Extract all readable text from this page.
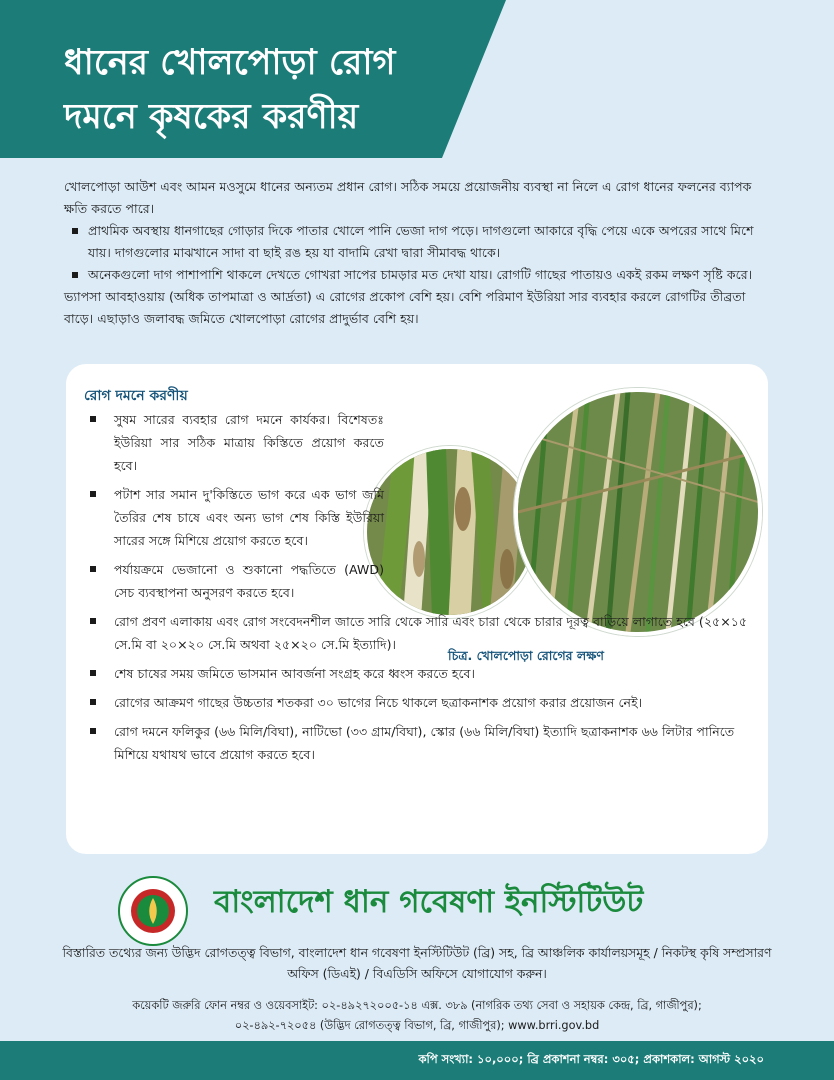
ধানের খোলপোড়া রোগ
দমনে কৃষকের করণীয়

খোলপোড়া আউশ এবং আমন মওসুমে ধানের অন্যতম প্রধান রোগ। সঠিক সময়ে প্রয়োজনীয় ব্যবস্থা না নিলে এ রোগ ধানের ফলনের ব্যাপক ক্ষতি করতে পারে।

প্রাথমিক অবস্থায় ধানগাছের গোড়ার দিকে পাতার খোলে পানি ভেজা দাগ পড়ে। দাগগুলো আকারে বৃদ্ধি পেয়ে একে অপরের সাথে মিশে যায়। দাগগুলোর মাঝখানে সাদা বা ছাই রঙ হয় যা বাদামি রেখা দ্বারা সীমাবদ্ধ থাকে।
অনেকগুলো দাগ পাশাপাশি থাকলে দেখতে গোখরা সাপের চামড়ার মত দেখা যায়। রোগটি গাছের পাতায়ও একই রকম লক্ষণ সৃষ্টি করে।

ভ্যাপসা আবহাওয়ায় (অধিক তাপমাত্রা ও আর্দ্রতা) এ রোগের প্রকোপ বেশি হয়। বেশি পরিমাণ ইউরিয়া সার ব্যবহার করলে রোগটির তীব্রতা বাড়ে। এছাড়াও জলাবদ্ধ জমিতে খোলপোড়া রোগের প্রাদুর্ভাব বেশি হয়।

রোগ দমনে করণীয়
সুষম সারের ব্যবহার রোগ দমনে কার্যকর। বিশেষতঃ ইউরিয়া সার সঠিক মাত্রায় কিস্তিতে প্রয়োগ করতে হবে।
পটাশ সার সমান দু'কিস্তিতে ভাগ করে এক ভাগ জমি তৈরির শেষ চাষে এবং অন্য ভাগ শেষ কিস্তি ইউরিয়া সারের সঙ্গে মিশিয়ে প্রয়োগ করতে হবে।
পর্যায়ক্রমে ভেজানো ও শুকানো পদ্ধতিতে (AWD) সেচ ব্যবস্থাপনা অনুসরণ করতে হবে।
রোগ প্রবণ এলাকায় এবং রোগ সংবেদনশীল জাতে সারি থেকে সারি এবং চারা থেকে চারার দূরত্ব বাড়িয়ে লাগাতে হবে (২৫×১৫ সে.মি বা ২০×২০ সে.মি অথবা ২৫×২০ সে.মি ইত্যাদি)।
শেষ চাষের সময় জমিতে ভাসমান আবর্জনা সংগ্রহ করে ধ্বংস করতে হবে।
রোগের আক্রমণ গাছের উচ্চতার শতকরা ৩০ ভাগের নিচে থাকলে ছত্রাকনাশক প্রয়োগ করার প্রয়োজন নেই।
রোগ দমনে ফলিকুর (৬৬ মিলি/বিঘা), নাটিভো (৩৩ গ্রাম/বিঘা), স্কোর (৬৬ মিলি/বিঘা) ইত্যাদি ছত্রাকনাশক ৬৬ লিটার পানিতে মিশিয়ে যথাযথ ভাবে প্রয়োগ করতে হবে।
চিত্র. খোলপোড়া রোগের লক্ষণ
বাংলাদেশ ধান গবেষণা ইনস্টিটিউট
বিস্তারিত তথ্যের জন্য উদ্ভিদ রোগতত্ত্ব বিভাগ, বাংলাদেশ ধান গবেষণা ইনস্টিটিউট (ব্রি) সহ, ব্রি আঞ্চলিক কার্যালয়সমূহ / নিকটস্থ কৃষি সম্প্রসারণ অফিস (ডিএই) / বিএডিসি অফিসে যোগাযোগ করুন।
কয়েকটি জরুরি ফোন নম্বর ও ওয়েবসাইট: ০২-৪৯২৭২০০৫-১৪ এক্স. ৩৮৯ (নাগরিক তথ্য সেবা ও সহায়ক কেন্দ্র, ব্রি, গাজীপুর);
০২-৪৯২-৭২০৫৪ (উদ্ভিদ রোগতত্ত্ব বিভাগ, ব্রি, গাজীপুর); www.brri.gov.bd
কপি সংখ্যা: ১০,০০০; ব্রি প্রকাশনা নম্বর: ৩০৫; প্রকাশকাল: আগস্ট ২০২০
